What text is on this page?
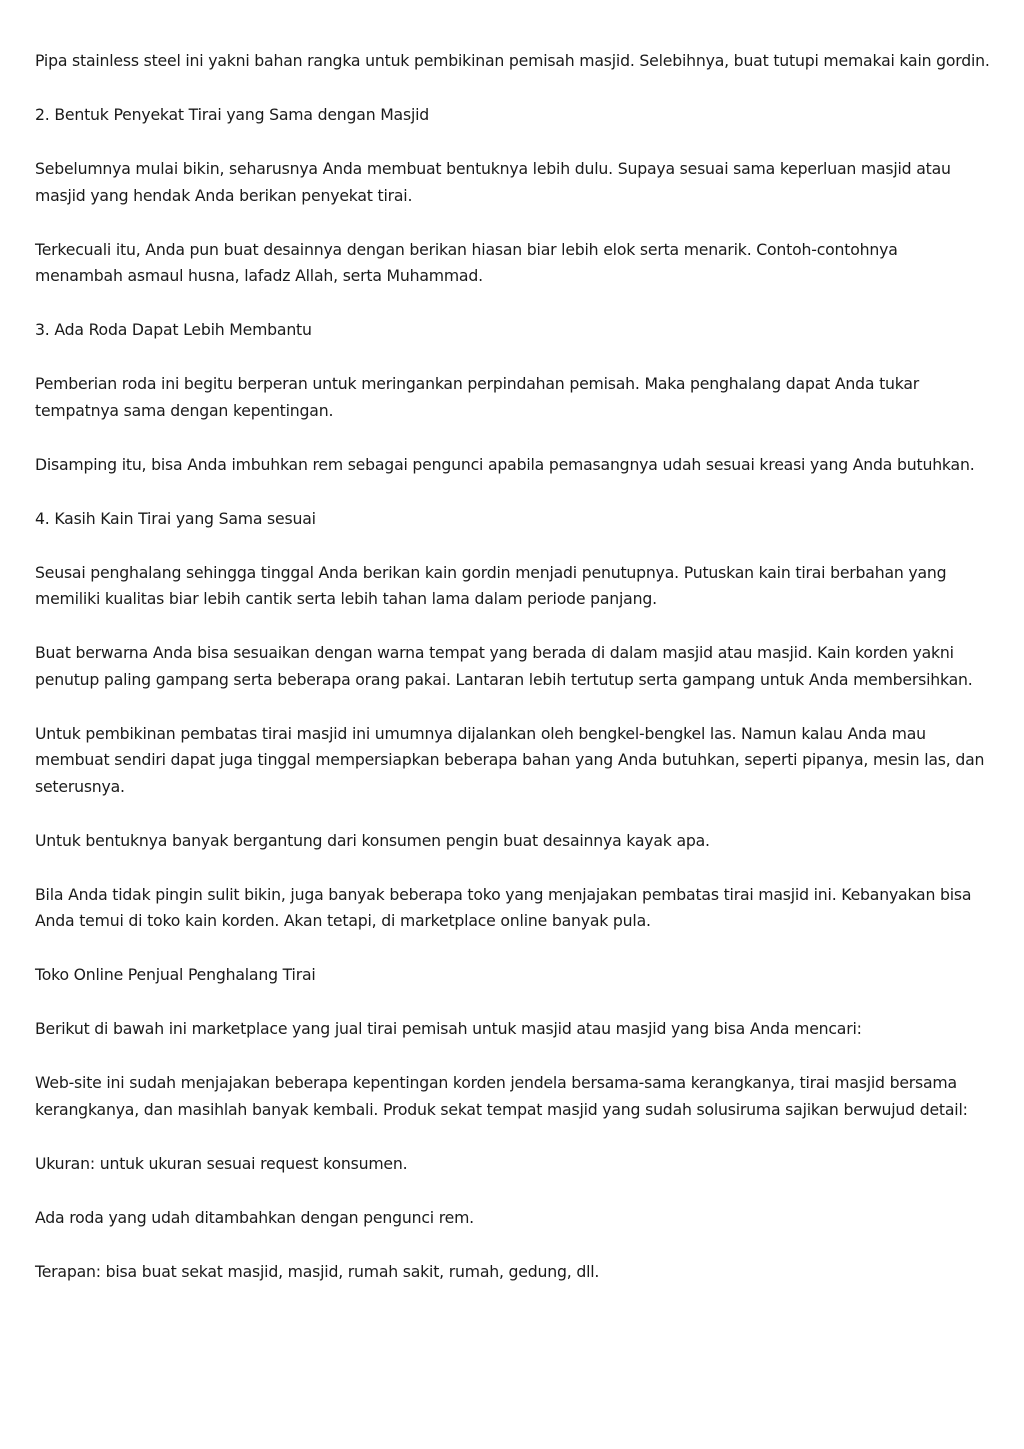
Pipa stainless steel ini yakni bahan rangka untuk pembikinan pemisah masjid. Selebihnya, buat tutupi memakai kain gordin.

2. Bentuk Penyekat Tirai yang Sama dengan Masjid

Sebelumnya mulai bikin, seharusnya Anda membuat bentuknya lebih dulu. Supaya sesuai sama keperluan masjid atau masjid yang hendak Anda berikan penyekat tirai.

Terkecuali itu, Anda pun buat desainnya dengan berikan hiasan biar lebih elok serta menarik. Contoh-contohnya menambah asmaul husna, lafadz Allah, serta Muhammad.

3. Ada Roda Dapat Lebih Membantu

Pemberian roda ini begitu berperan untuk meringankan perpindahan pemisah. Maka penghalang dapat Anda tukar tempatnya sama dengan kepentingan.

Disamping itu, bisa Anda imbuhkan rem sebagai pengunci apabila pemasangnya udah sesuai kreasi yang Anda butuhkan.

4. Kasih Kain Tirai yang Sama sesuai

Seusai penghalang sehingga tinggal Anda berikan kain gordin menjadi penutupnya. Putuskan kain tirai berbahan yang memiliki kualitas biar lebih cantik serta lebih tahan lama dalam periode panjang.

Buat berwarna Anda bisa sesuaikan dengan warna tempat yang berada di dalam masjid atau masjid. Kain korden yakni penutup paling gampang serta beberapa orang pakai. Lantaran lebih tertutup serta gampang untuk Anda membersihkan.

Untuk pembikinan pembatas tirai masjid ini umumnya dijalankan oleh bengkel-bengkel las. Namun kalau Anda mau membuat sendiri dapat juga tinggal mempersiapkan beberapa bahan yang Anda butuhkan, seperti pipanya, mesin las, dan seterusnya.

Untuk bentuknya banyak bergantung dari konsumen pengin buat desainnya kayak apa.

Bila Anda tidak pingin sulit bikin, juga banyak beberapa toko yang menjajakan pembatas tirai masjid ini. Kebanyakan bisa Anda temui di toko kain korden. Akan tetapi, di marketplace online banyak pula.

Toko Online Penjual Penghalang Tirai

Berikut di bawah ini marketplace yang jual tirai pemisah untuk masjid atau masjid yang bisa Anda mencari:

Web-site ini sudah menjajakan beberapa kepentingan korden jendela bersama-sama kerangkanya, tirai masjid bersama kerangkanya, dan masihlah banyak kembali. Produk sekat tempat masjid yang sudah solusiruma sajikan berwujud detail:

Ukuran: untuk ukuran sesuai request konsumen.

Ada roda yang udah ditambahkan dengan pengunci rem.

Terapan: bisa buat sekat masjid, masjid, rumah sakit, rumah, gedung, dll.
